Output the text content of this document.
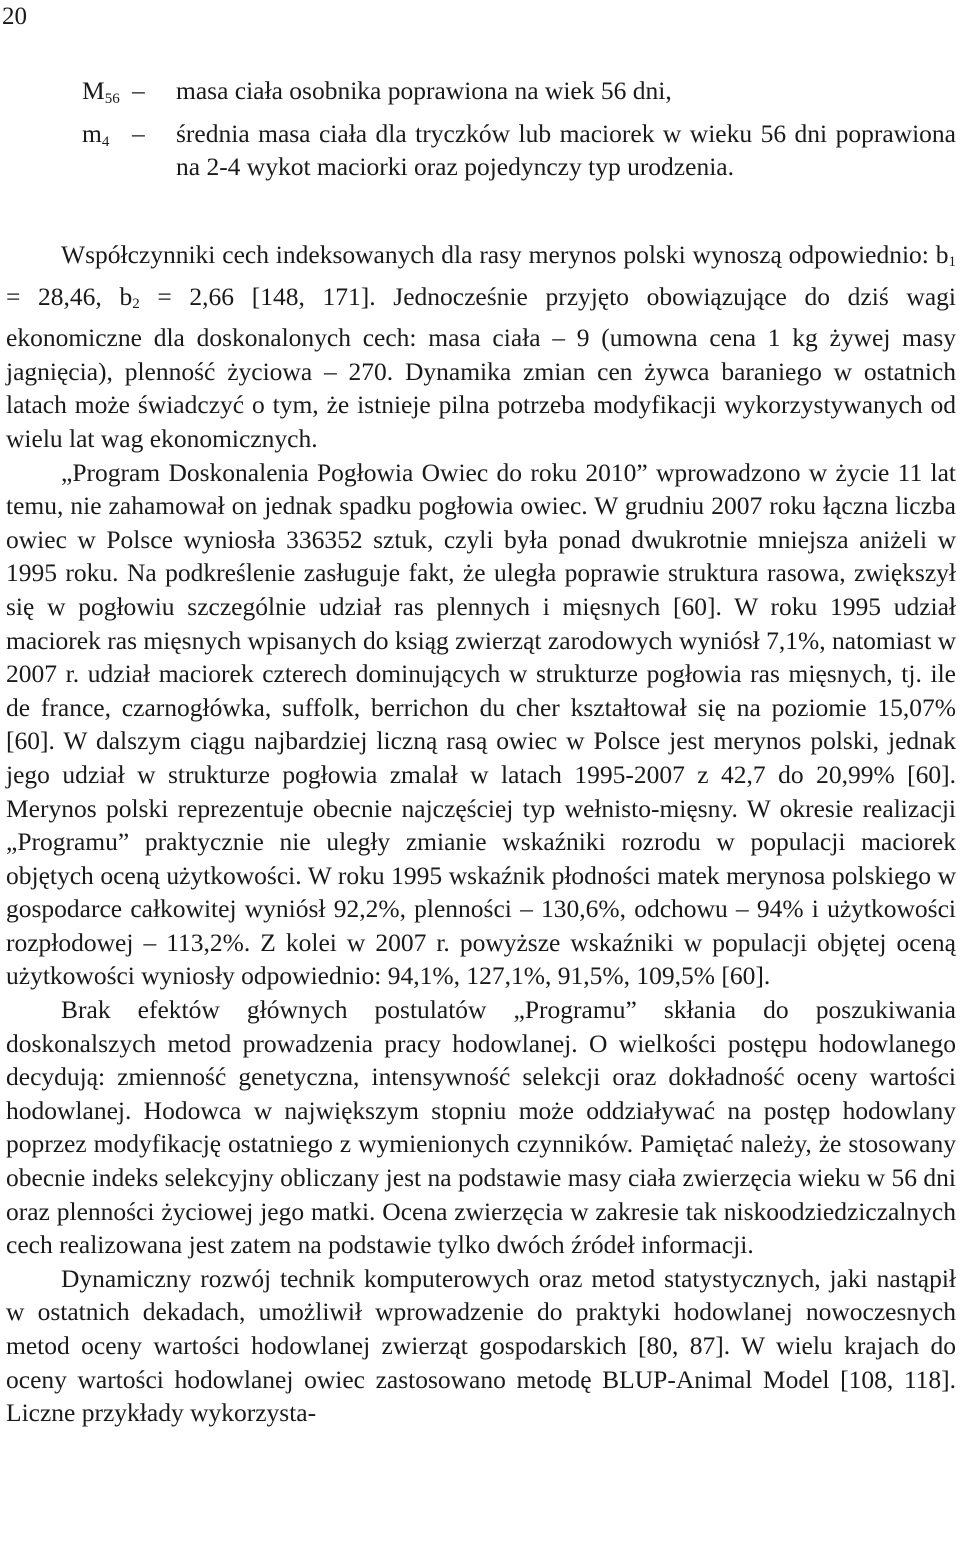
20
$M_{56}$ –	masa ciała osobnika poprawiona na wiek 56 dni,
$m_4$ –	średnia masa ciała dla tryczków lub maciorek w wieku 56 dni poprawiona na 2-4 wykot maciorki oraz pojedynczy typ urodzenia.

Współczynniki cech indeksowanych dla rasy merynos polski wynoszą odpowiednio: $b_1 = 28,46$, $b_2 = 2,66$ [148, 171]. Jednocześnie przyjęto obowiązujące do dziś wagi ekonomiczne dla doskonalonych cech: masa ciała – 9 (umowna cena 1 kg żywej masy jagnięcia), plenność życiowa – 270. Dynamika zmian cen żywca baraniego w ostatnich latach może świadczyć o tym, że istnieje pilna potrzeba modyfikacji wykorzystywanych od wielu lat wag ekonomicznych.

„Program Doskonalenia Pogłowia Owiec do roku 2010” wprowadzono w życie 11 lat temu, nie zahamował on jednak spadku pogłowia owiec. W grudniu 2007 roku łączna liczba owiec w Polsce wyniosła 336352 sztuk, czyli była ponad dwukrotnie mniejsza aniżeli w 1995 roku. Na podkreślenie zasługuje fakt, że uległa poprawie struktura rasowa, zwiększył się w pogłowiu szczególnie udział ras plennych i mięsnych [60]. W roku 1995 udział maciorek ras mięsnych wpisanych do ksiąg zwierząt zarodowych wyniósł 7,1%, natomiast w 2007 r. udział maciorek czterech dominujących w strukturze pogłowia ras mięsnych, tj. ile de france, czarnogłówka, suffolk, berrichon du cher kształtował się na poziomie 15,07% [60]. W dalszym ciągu najbardziej liczną rasą owiec w Polsce jest merynos polski, jednak jego udział w strukturze pogłowia zmalał w latach 1995-2007 z 42,7 do 20,99% [60]. Merynos polski reprezentuje obecnie najczęściej typ wełnisto-mięsny. W okresie realizacji „Programu” praktycznie nie uległy zmianie wskaźniki rozrodu w populacji maciorek objętych oceną użytkowości. W roku 1995 wskaźnik płodności matek merynosa polskiego w gospodarce całkowitej wyniósł 92,2%, plenności – 130,6%, odchowu – 94% i użytkowości rozpłodowej – 113,2%. Z kolei w 2007 r. powyższe wskaźniki w populacji objętej oceną użytkowości wyniosły odpowiednio: 94,1%, 127,1%, 91,5%, 109,5% [60].

Brak efektów głównych postulatów „Programu” skłania do poszukiwania doskonalszych metod prowadzenia pracy hodowlanej. O wielkości postępu hodowlanego decydują: zmienność genetyczna, intensywność selekcji oraz dokładność oceny wartości hodowlanej. Hodowca w największym stopniu może oddziaływać na postęp hodowlany poprzez modyfikację ostatniego z wymienionych czynników. Pamiętać należy, że stosowany obecnie indeks selekcyjny obliczany jest na podstawie masy ciała zwierzęcia wieku w 56 dni oraz plenności życiowej jego matki. Ocena zwierzęcia w zakresie tak niskoodziedziczalnych cech realizowana jest zatem na podstawie tylko dwóch źródeł informacji.

Dynamiczny rozwój technik komputerowych oraz metod statystycznych, jaki nastąpił w ostatnich dekadach, umożliwił wprowadzenie do praktyki hodowlanej nowoczesnych metod oceny wartości hodowlanej zwierząt gospodarskich [80, 87]. W wielu krajach do oceny wartości hodowlanej owiec zastosowano metodę BLUP-Animal Model [108, 118]. Liczne przykłady wykorzysta-
